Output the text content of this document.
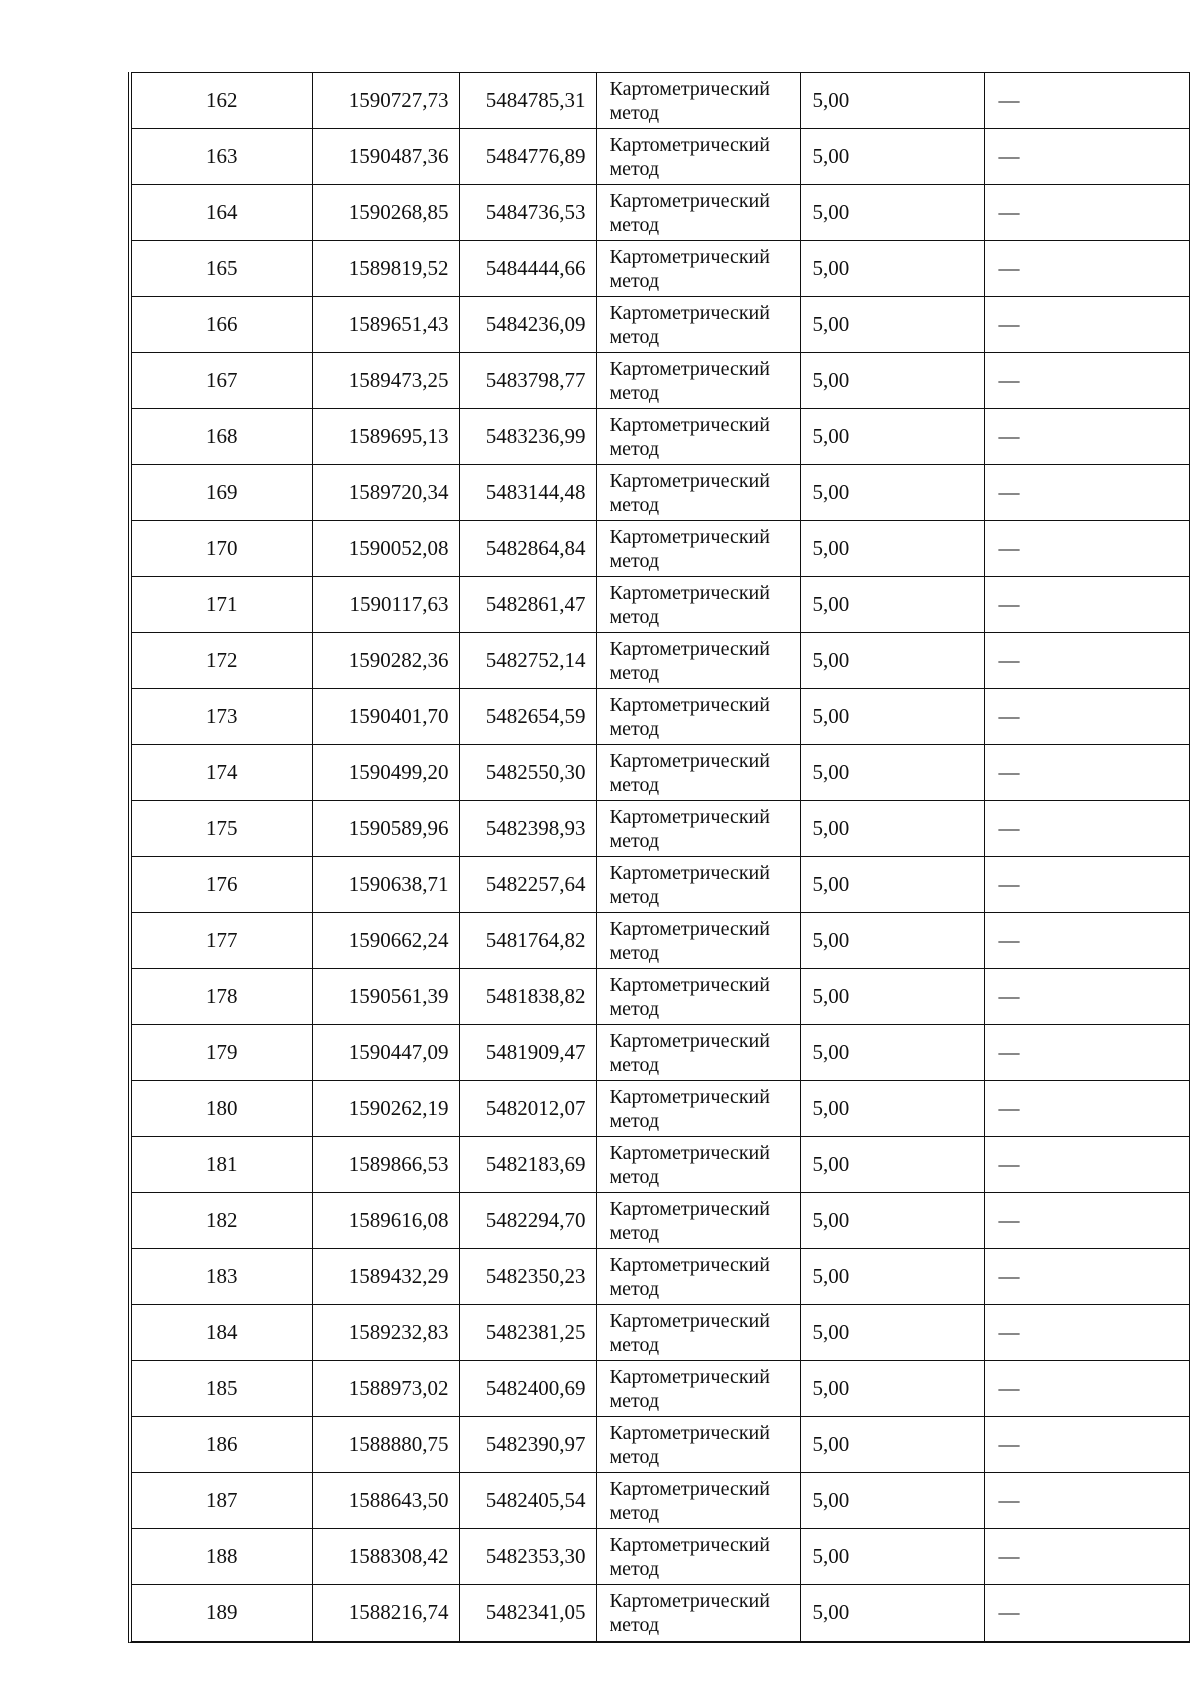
162	1590727,73	5484785,31	Картометрический
метод	5,00	—
163	1590487,36	5484776,89	Картометрический
метод	5,00	—
164	1590268,85	5484736,53	Картометрический
метод	5,00	—
165	1589819,52	5484444,66	Картометрический
метод	5,00	—
166	1589651,43	5484236,09	Картометрический
метод	5,00	—
167	1589473,25	5483798,77	Картометрический
метод	5,00	—
168	1589695,13	5483236,99	Картометрический
метод	5,00	—
169	1589720,34	5483144,48	Картометрический
метод	5,00	—
170	1590052,08	5482864,84	Картометрический
метод	5,00	—
171	1590117,63	5482861,47	Картометрический
метод	5,00	—
172	1590282,36	5482752,14	Картометрический
метод	5,00	—
173	1590401,70	5482654,59	Картометрический
метод	5,00	—
174	1590499,20	5482550,30	Картометрический
метод	5,00	—
175	1590589,96	5482398,93	Картометрический
метод	5,00	—
176	1590638,71	5482257,64	Картометрический
метод	5,00	—
177	1590662,24	5481764,82	Картометрический
метод	5,00	—
178	1590561,39	5481838,82	Картометрический
метод	5,00	—
179	1590447,09	5481909,47	Картометрический
метод	5,00	—
180	1590262,19	5482012,07	Картометрический
метод	5,00	—
181	1589866,53	5482183,69	Картометрический
метод	5,00	—
182	1589616,08	5482294,70	Картометрический
метод	5,00	—
183	1589432,29	5482350,23	Картометрический
метод	5,00	—
184	1589232,83	5482381,25	Картометрический
метод	5,00	—
185	1588973,02	5482400,69	Картометрический
метод	5,00	—
186	1588880,75	5482390,97	Картометрический
метод	5,00	—
187	1588643,50	5482405,54	Картометрический
метод	5,00	—
188	1588308,42	5482353,30	Картометрический
метод	5,00	—
189	1588216,74	5482341,05	Картометрический
метод	5,00	—
